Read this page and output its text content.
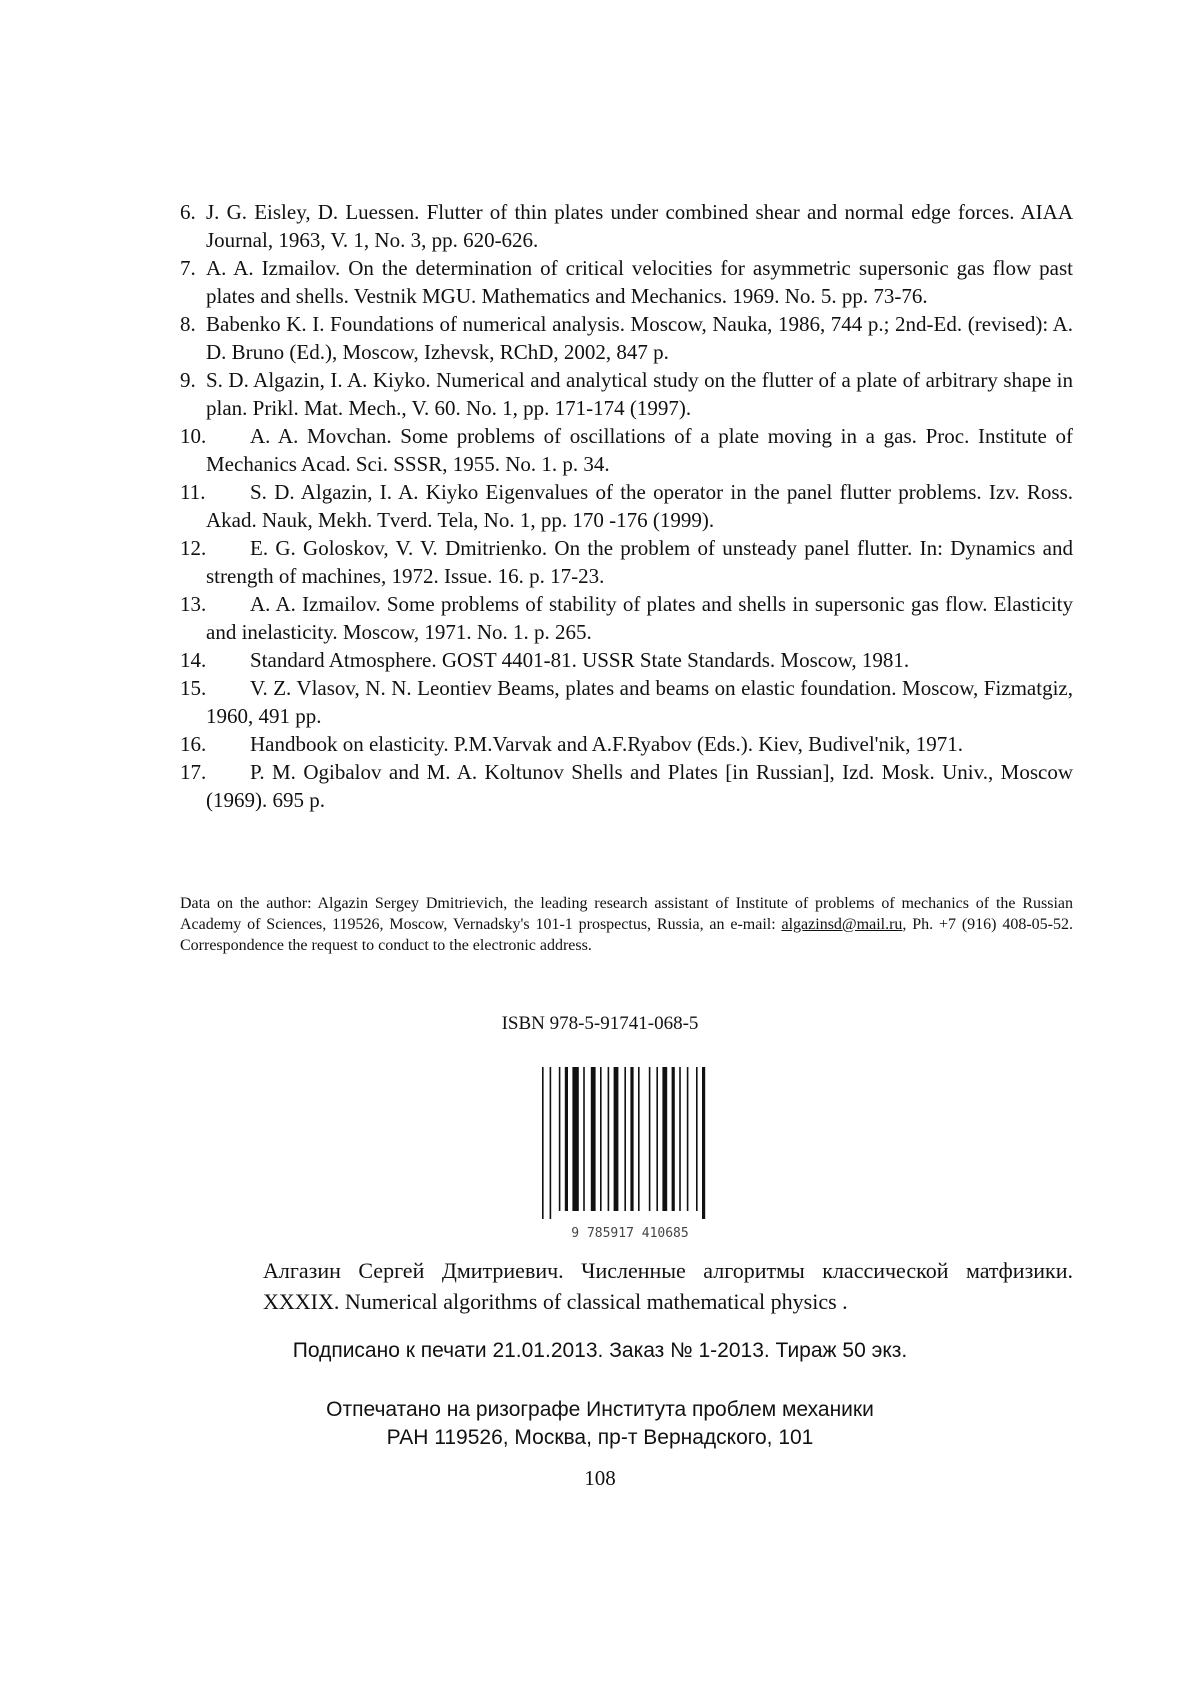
6. J. G. Eisley, D. Luessen. Flutter of thin plates under combined shear and normal edge forces. AIAA Journal, 1963, V. 1, No. 3, pp. 620-626.
7. A. A. Izmailov. On the determination of critical velocities for asymmetric supersonic gas flow past plates and shells. Vestnik MGU. Mathematics and Mechanics. 1969. No. 5. pp. 73-76.
8. Babenko K. I. Foundations of numerical analysis. Moscow, Nauka, 1986, 744 p.; 2nd-Ed. (revised): A. D. Bruno (Ed.), Moscow, Izhevsk, RChD, 2002, 847 p.
9. S. D. Algazin, I. A. Kiyko. Numerical and analytical study on the flutter of a plate of arbitrary shape in plan. Prikl. Mat. Mech., V. 60. No. 1, pp. 171-174 (1997).
10.	A. A. Movchan. Some problems of oscillations of a plate moving in a gas. Proc. Institute of Mechanics Acad. Sci. SSSR, 1955. No. 1. p. 34.
11.	S. D. Algazin, I. A. Kiyko Eigenvalues of the operator in the panel flutter problems. Izv. Ross. Akad. Nauk, Mekh. Tverd. Tela, No. 1, pp. 170 -176 (1999).
12.	E. G. Goloskov, V. V. Dmitrienko. On the problem of unsteady panel flutter. In: Dynamics and strength of machines, 1972. Issue. 16. p. 17-23.
13.	A. A. Izmailov. Some problems of stability of plates and shells in supersonic gas flow. Elasticity and inelasticity. Moscow, 1971. No. 1. p. 265.
14.	Standard Atmosphere. GOST 4401-81. USSR State Standards. Moscow, 1981.
15.	V. Z. Vlasov, N. N. Leontiev Beams, plates and beams on elastic foundation. Moscow, Fizmatgiz, 1960, 491 pp.
16.	Handbook on elasticity. P.M.Varvak and A.F.Ryabov (Eds.). Kiev, Budivel'nik, 1971.
17.	P. M. Ogibalov and M. A. Koltunov Shells and Plates [in Russian], Izd. Mosk. Univ., Moscow (1969). 695 p.
Data on the author: Algazin Sergey Dmitrievich, the leading research assistant of Institute of problems of mechanics of the Russian Academy of Sciences, 119526, Moscow, Vernadsky's 101-1 prospectus, Russia, an e-mail: algazinsd@mail.ru, Ph. +7 (916) 408-05-52. Correspondence the request to conduct to the electronic address.
ISBN 978-5-91741-068-5
9 785917 410685
Алгазин Сергей Дмитриевич. Численные алгоритмы классической матфизики. XXXIX. Numerical algorithms of classical mathematical physics .
Подписано к печати 21.01.2013. Заказ № 1-2013. Тираж 50 экз.
Отпечатано на ризографе Института проблем механики
РАН 119526, Москва, пр-т Вернадского, 101
108
